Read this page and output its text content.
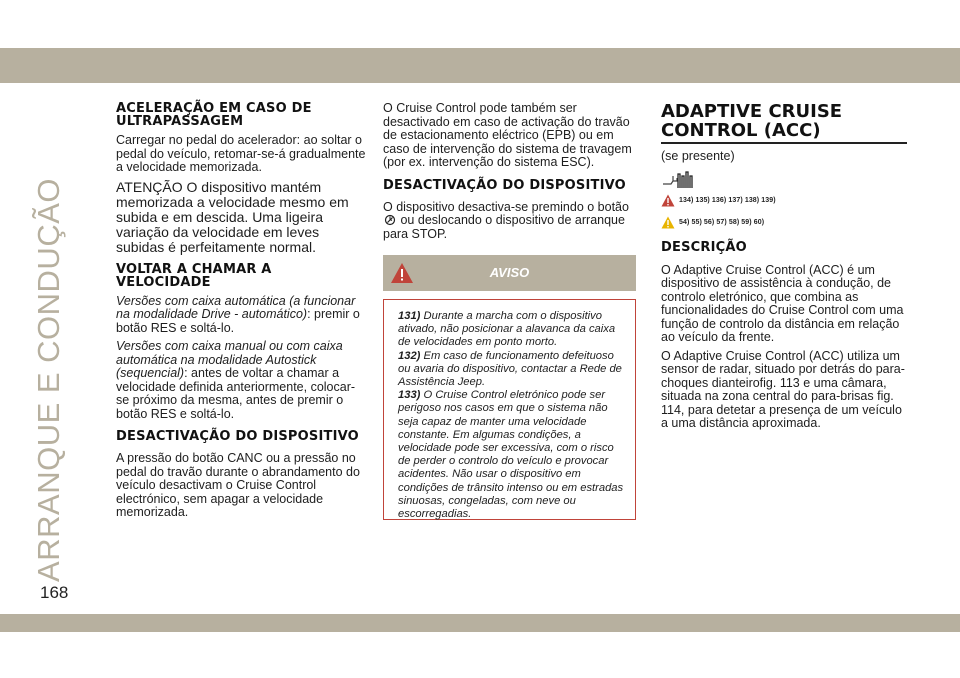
ARRANQUE E CONDUÇÃO
168
ACELERAÇÃO EM CASO DE ULTRAPASSAGEM

Carregar no pedal do acelerador: ao soltar o pedal do veículo, retomar-se-á gradualmente a velocidade memorizada.

ATENÇÃO O dispositivo mantém memorizada a velocidade mesmo em subida e em descida. Uma ligeira variação da velocidade em leves subidas é perfeitamente normal.

VOLTAR A CHAMAR A VELOCIDADE

Versões com caixa automática (a funcionar na modalidade Drive - automático): premir o botão RES e soltá-lo.

Versões com caixa manual ou com caixa automática na modalidade Autostick (sequencial): antes de voltar a chamar a velocidade definida anteriormente, colocar-se próximo da mesma, antes de premir o botão RES e soltá-lo.

DESACTIVAÇÃO DO DISPOSITIVO

A pressão do botão CANC ou a pressão no pedal do travão durante o abrandamento do veículo desactivam o Cruise Control electrónico, sem apagar a velocidade memorizada.

O Cruise Control pode também ser desactivado em caso de activação do travão de estacionamento eléctrico (EPB) ou em caso de intervenção do sistema de travagem (por ex. intervenção do sistema ESC).

DESACTIVAÇÃO DO DISPOSITIVO

O dispositivo desactiva-se premindo o botão  ou deslocando o dispositivo de arranque para STOP.

AVISO
131) Durante a marcha com o dispositivo ativado, não posicionar a alavanca da caixa de velocidades em ponto morto.
132) Em caso de funcionamento defeituoso ou avaria do dispositivo, contactar a Rede de Assistência Jeep.
133) O Cruise Control eletrónico pode ser perigoso nos casos em que o sistema não seja capaz de manter uma velocidade constante. Em algumas condições, a velocidade pode ser excessiva, com o risco de perder o controlo do veículo e provocar acidentes. Não usar o dispositivo em condições de trânsito intenso ou em estradas sinuosas, congeladas, com neve ou escorregadias.
ADAPTIVE CRUISE
CONTROL (ACC)

(se presente)

134) 135) 136) 137) 138) 139)
54) 55) 56) 57) 58) 59) 60)
DESCRIÇÃO

O Adaptive Cruise Control (ACC) é um dispositivo de assistência à condução, de controlo eletrónico, que combina as funcionalidades do Cruise Control com uma função de controlo da distância em relação ao veículo da frente.

O Adaptive Cruise Control (ACC) utiliza um sensor de radar, situado por detrás do para-choques dianteirofig. 113 e uma câmara, situada na zona central do para-brisas fig. 114, para detetar a presença de um veículo a uma distância aproximada.
